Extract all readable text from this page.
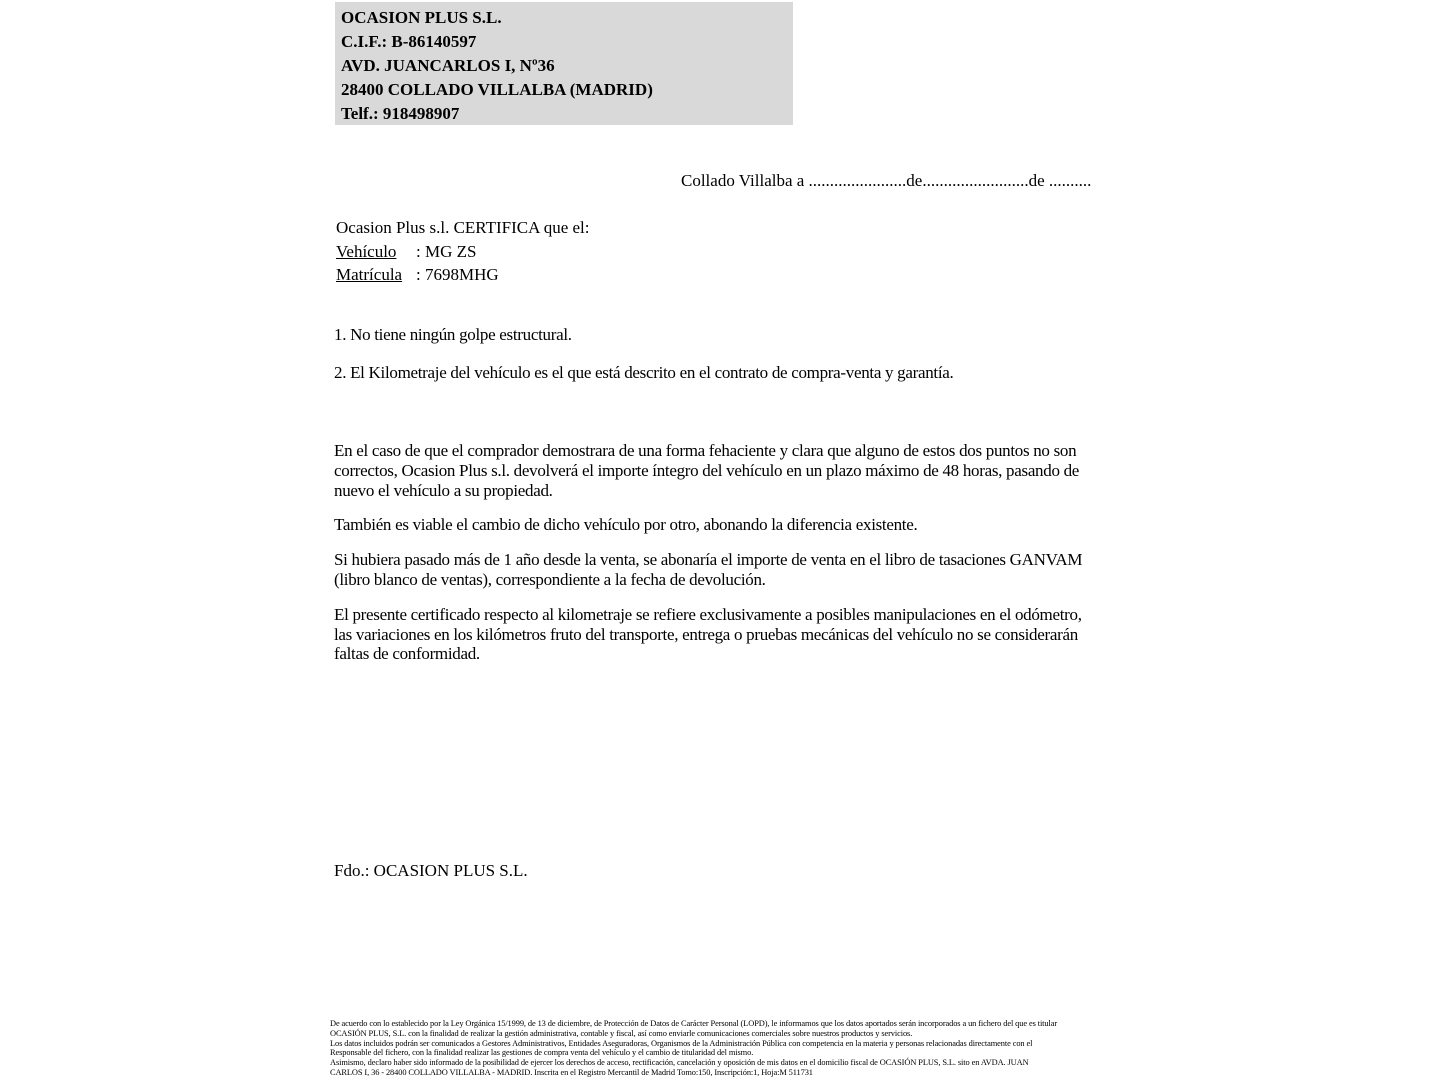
OCASION PLUS S.L.
C.I.F.: B-86140597
AVD. JUANCARLOS I, Nº36
28400 COLLADO VILLALBA (MADRID)
Telf.: 918498907
Collado Villalba a .......................de.........................de ..........
Ocasion Plus s.l. CERTIFICA que el:
Vehículo : MG ZS
Matrícula : 7698MHG
1. No tiene ningún golpe estructural.
2. El Kilometraje del vehículo es el que está descrito en el contrato de compra-venta y garantía.

En el caso de que el comprador demostrara de una forma fehaciente y clara que alguno de estos dos puntos no son correctos, Ocasion Plus s.l. devolverá el importe íntegro del vehículo en un plazo máximo de 48 horas, pasando de nuevo el vehículo a su propiedad.

También es viable el cambio de dicho vehículo por otro, abonando la diferencia existente.

Si hubiera pasado más de 1 año desde la venta, se abonaría el importe de venta en el libro de tasaciones GANVAM (libro blanco de ventas), correspondiente a la fecha de devolución.

El presente certificado respecto al kilometraje se refiere exclusivamente a posibles manipulaciones en el odómetro, las variaciones en los kilómetros fruto del transporte, entrega o pruebas mecánicas del vehículo no se considerarán faltas de conformidad.

Fdo.: OCASION PLUS S.L.
De acuerdo con lo establecido por la Ley Orgánica 15/1999, de 13 de diciembre, de Protección de Datos de Carácter Personal (LOPD), le informamos que los datos aportados serán incorporados a un fichero del que es titular
OCASIÓN PLUS, S.L. con la finalidad de realizar la gestión administrativa, contable y fiscal, así como enviarle comunicaciones comerciales sobre nuestros productos y servicios.
Los datos incluidos podrán ser comunicados a Gestores Administrativos, Entidades Aseguradoras, Organismos de la Administración Pública con competencia en la materia y personas relacionadas directamente con el
Responsable del fichero, con la finalidad realizar las gestiones de compra venta del vehículo y el cambio de titularidad del mismo.
Asimismo, declaro haber sido informado de la posibilidad de ejercer los derechos de acceso, rectificación, cancelación y oposición de mis datos en el domicilio fiscal de OCASIÓN PLUS, S.L. sito en AVDA. JUAN
CARLOS I, 36 - 28400 COLLADO VILLALBA - MADRID. Inscrita en el Registro Mercantil de Madrid Tomo:150, Inscripción:1, Hoja:M 511731
